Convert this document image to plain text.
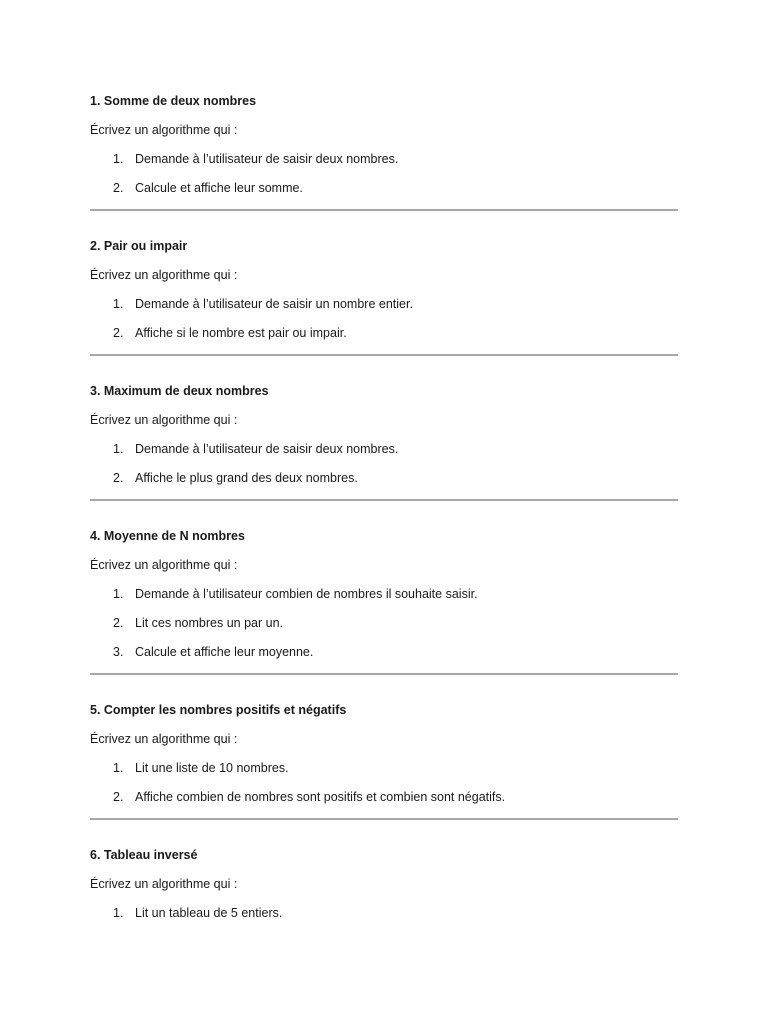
1. Somme de deux nombres

Écrivez un algorithme qui :

1. Demande à l’utilisateur de saisir deux nombres.
2. Calcule et affiche leur somme.

2. Pair ou impair

Écrivez un algorithme qui :

1. Demande à l’utilisateur de saisir un nombre entier.
2. Affiche si le nombre est pair ou impair.

3. Maximum de deux nombres

Écrivez un algorithme qui :

1. Demande à l’utilisateur de saisir deux nombres.
2. Affiche le plus grand des deux nombres.

4. Moyenne de N nombres

Écrivez un algorithme qui :

1. Demande à l’utilisateur combien de nombres il souhaite saisir.
2. Lit ces nombres un par un.
3. Calcule et affiche leur moyenne.

5. Compter les nombres positifs et négatifs

Écrivez un algorithme qui :

1. Lit une liste de 10 nombres.
2. Affiche combien de nombres sont positifs et combien sont négatifs.

6. Tableau inversé

Écrivez un algorithme qui :

1. Lit un tableau de 5 entiers.
